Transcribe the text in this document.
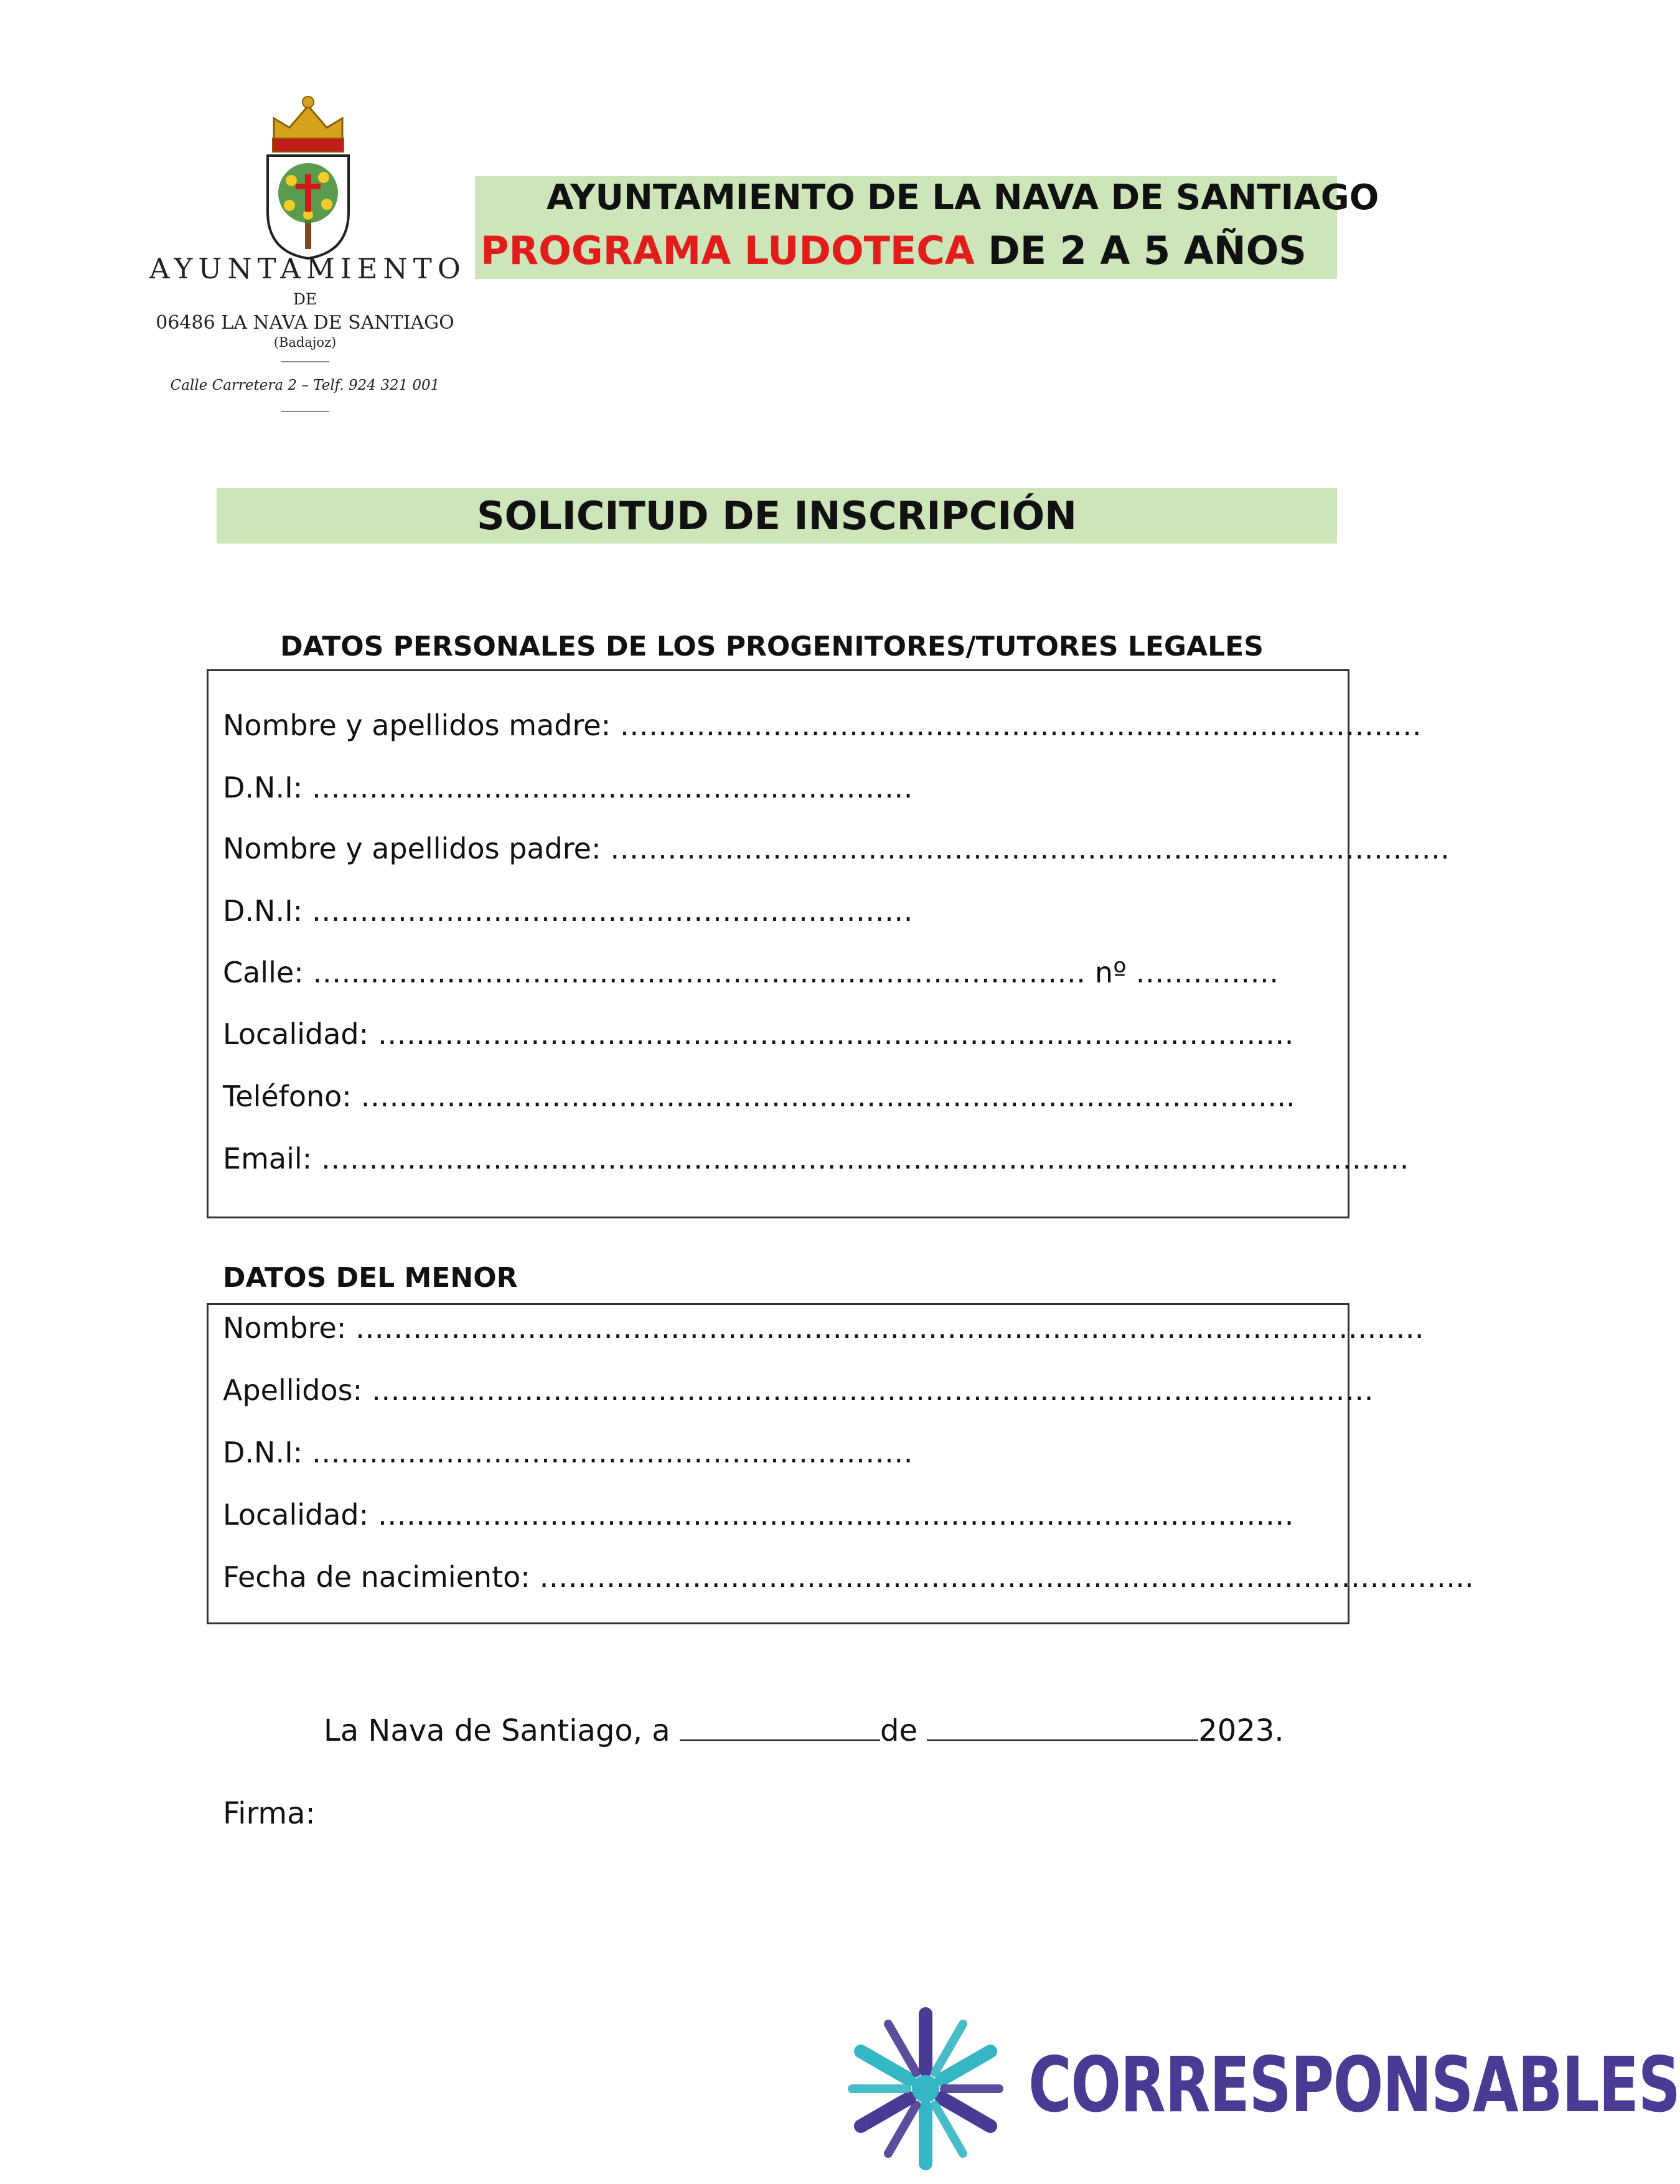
AYUNTAMIENTO
DE
06486 LA NAVA DE SANTIAGO
(Badajoz)
Calle Carretera 2 – Telf. 924 321 001
AYUNTAMIENTO DE LA NAVA DE SANTIAGO
PROGRAMA LUDOTECA DE 2 A 5 AÑOS
SOLICITUD DE INSCRIPCIÓN
DATOS PERSONALES DE LOS PROGENITORES/TUTORES LEGALES
Nombre y apellidos madre: …………………………………………………………………………
D.N.I: ………………………………………………………
Nombre y apellidos padre: …………………………………………………………………………….
D.N.I: ………………………………………………………
Calle: ……………………………………………………………………… nº ……………
Localidad: ……………………………………………………………………………………
Teléfono: ……………………………………………………………………………………..
Email: ……………………………………………………………………………………………………
DATOS DEL MENOR
Nombre: ………………………………………………………………………………………………….
Apellidos: ……………………………………………………………………………………………
D.N.I: ………………………………………………………
Localidad: ……………………………………………………………………………………
Fecha de nacimiento: ……………………………………………………………………………………..
La Nava de Santiago, a	de	2023.
Firma:
CORRESPONSABLES
